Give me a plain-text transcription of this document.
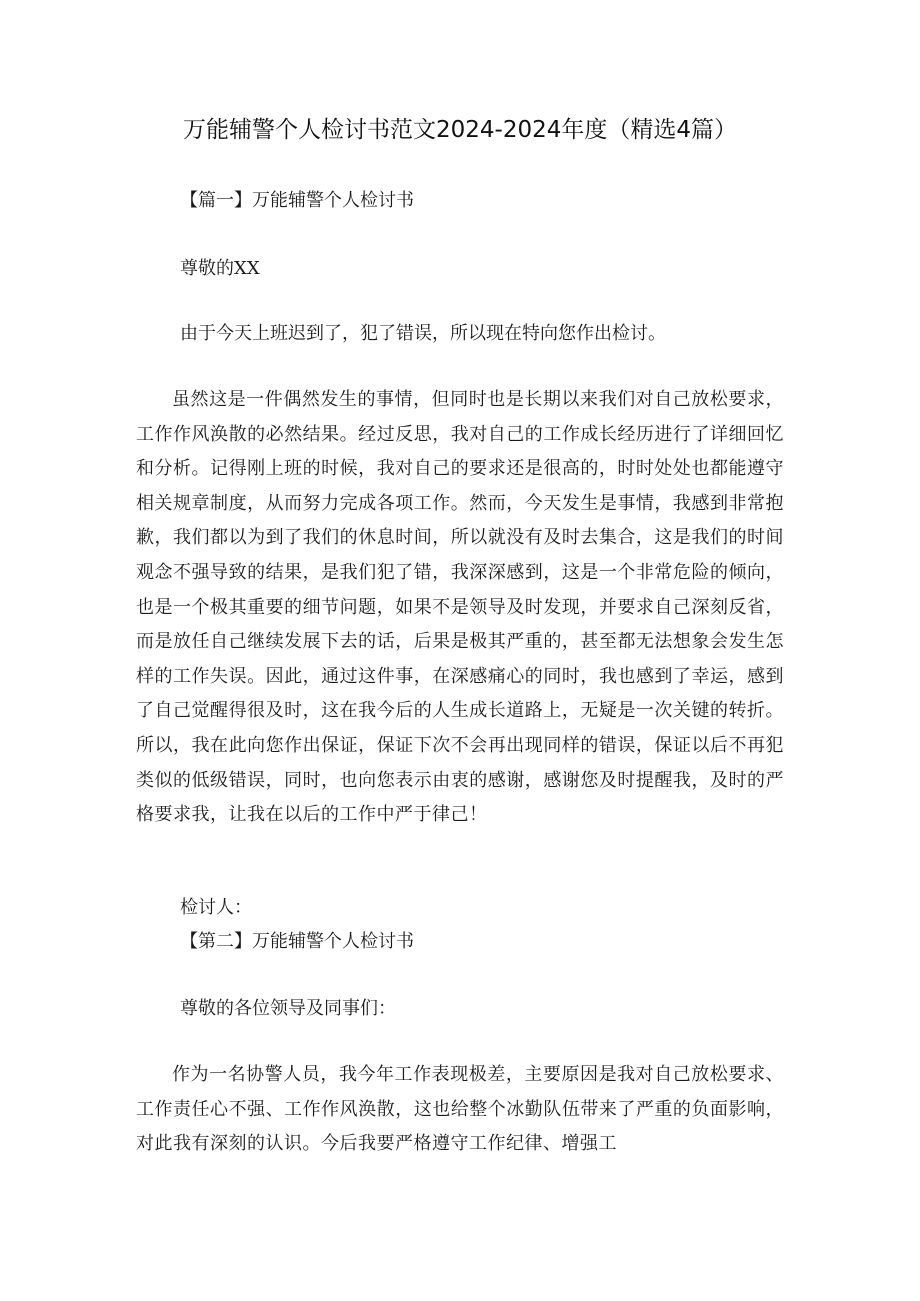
万能辅警个人检讨书范文2024-2024年度（精选4篇）
【篇一】万能辅警个人检讨书
尊敬的XX
由于今天上班迟到了，犯了错误，所以现在特向您作出检讨。
虽然这是一件偶然发生的事情，但同时也是长期以来我们对自己放松要求，工作作风涣散的必然结果。经过反思，我对自己的工作成长经历进行了详细回忆和分析。记得刚上班的时候，我对自己的要求还是很高的，时时处处也都能遵守相关规章制度，从而努力完成各项工作。然而，今天发生是事情，我感到非常抱歉，我们都以为到了我们的休息时间，所以就没有及时去集合，这是我们的时间观念不强导致的结果，是我们犯了错，我深深感到，这是一个非常危险的倾向，也是一个极其重要的细节问题，如果不是领导及时发现，并要求自己深刻反省，而是放任自己继续发展下去的话，后果是极其严重的，甚至都无法想象会发生怎样的工作失误。因此，通过这件事，在深感痛心的同时，我也感到了幸运，感到了自己觉醒得很及时，这在我今后的人生成长道路上，无疑是一次关键的转折。所以，我在此向您作出保证，保证下次不会再出现同样的错误，保证以后不再犯类似的低级错误，同时，也向您表示由衷的感谢，感谢您及时提醒我，及时的严格要求我，让我在以后的工作中严于律己！
检讨人：
【第二】万能辅警个人检讨书
尊敬的各位领导及同事们：
作为一名协警人员，我今年工作表现极差，主要原因是我对自己放松要求、工作责任心不强、工作作风涣散，这也给整个冰勤队伍带来了严重的负面影响，对此我有深刻的认识。今后我要严格遵守工作纪律、增强工
